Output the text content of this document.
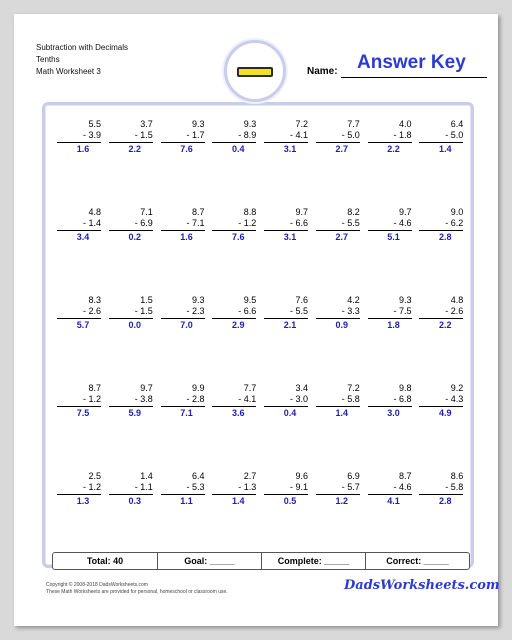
Subtraction with Decimals
Tenths
Math Worksheet 3	Name: Answer Key
5.5
- 3.9
1.6
3.7
- 1.5
2.2
9.3
- 1.7
7.6
9.3
- 8.9
0.4
7.2
- 4.1
3.1
7.7
- 5.0
2.7
4.0
- 1.8
2.2
6.4
- 5.0
1.4
4.8
- 1.4
3.4
7.1
- 6.9
0.2
8.7
- 7.1
1.6
8.8
- 1.2
7.6
9.7
- 6.6
3.1
8.2
- 5.5
2.7
9.7
- 4.6
5.1
9.0
- 6.2
2.8
8.3
- 2.6
5.7
1.5
- 1.5
0.0
9.3
- 2.3
7.0
9.5
- 6.6
2.9
7.6
- 5.5
2.1
4.2
- 3.3
0.9
9.3
- 7.5
1.8
4.8
- 2.6
2.2
8.7
- 1.2
7.5
9.7
- 3.8
5.9
9.9
- 2.8
7.1
7.7
- 4.1
3.6
3.4
- 3.0
0.4
7.2
- 5.8
1.4
9.8
- 6.8
3.0
9.2
- 4.3
4.9
2.5
- 1.2
1.3
1.4
- 1.1
0.3
6.4
- 5.3
1.1
2.7
- 1.3
1.4
9.6
- 9.1
0.5
6.9
- 5.7
1.2
8.7
- 4.6
4.1
8.6
- 5.8
2.8
Total: 40	Goal: _____	Complete: _____	Correct: _____
Copyright © 2008-2018 DadsWorksheets.com
These Math Worksheets are provided for personal, homeschool or classroom use.	DadsWorksheets.com
